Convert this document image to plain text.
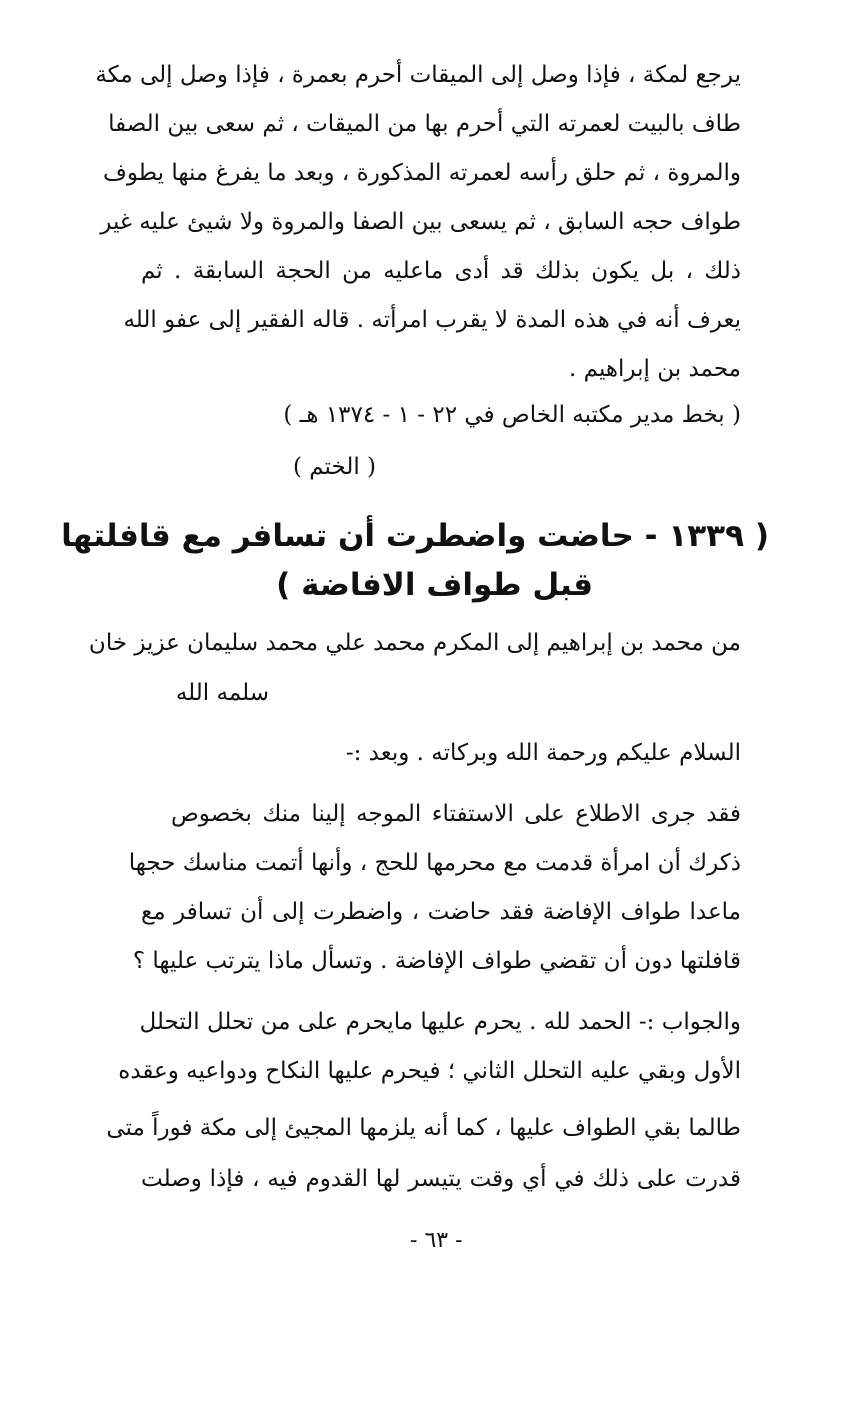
يرجع لمكة ، فإذا وصل إلى الميقات أحرم بعمرة ، فإذا وصل إلى مكة
طاف بالبيت لعمرته التي أحرم بها من الميقات ، ثم سعى بين الصفا
والمروة ، ثم حلق رأسه لعمرته المذكورة ، وبعد ما يفرغ منها يطوف
طواف حجه السابق ، ثم يسعى بين الصفا والمروة ولا شيئ عليه غير
ذلك ، بل يكون بذلك قد أدى ماعليه من الحجة السابقة . ثم
يعرف أنه في هذه المدة لا يقرب امرأته . قاله الفقير إلى عفو الله
محمد بن إبراهيم .
( بخط مدير مكتبه الخاص في ٢٢ - ١ - ١٣٧٤ هـ )
( الختم )
( ١٣٣٩ - حاضت واضطرت أن تسافر مع قافلتها
قبل طواف الافاضة )
من محمد بن إبراهيم إلى المكرم محمد علي محمد سليمان عزيز خان
سلمه الله
السلام عليكم ورحمة الله وبركاته . وبعد :-
فقد جرى الاطلاع على الاستفتاء الموجه إلينا منك بخصوص
ذكرك أن امرأة قدمت مع محرمها للحج ، وأنها أتمت مناسك حجها
ماعدا طواف الإفاضة فقد حاضت ، واضطرت إلى أن تسافر مع
قافلتها دون أن تقضي طواف الإفاضة . وتسأل ماذا يترتب عليها ؟
والجواب :- الحمد لله . يحرم عليها مايحرم على من تحلل التحلل
الأول وبقي عليه التحلل الثاني ؛ فيحرم عليها النكاح ودواعيه وعقده
طالما بقي الطواف عليها ، كما أنه يلزمها المجيئ إلى مكة فوراً متى
قدرت على ذلك في أي وقت يتيسر لها القدوم فيه ، فإذا وصلت
- ٦٣ -
